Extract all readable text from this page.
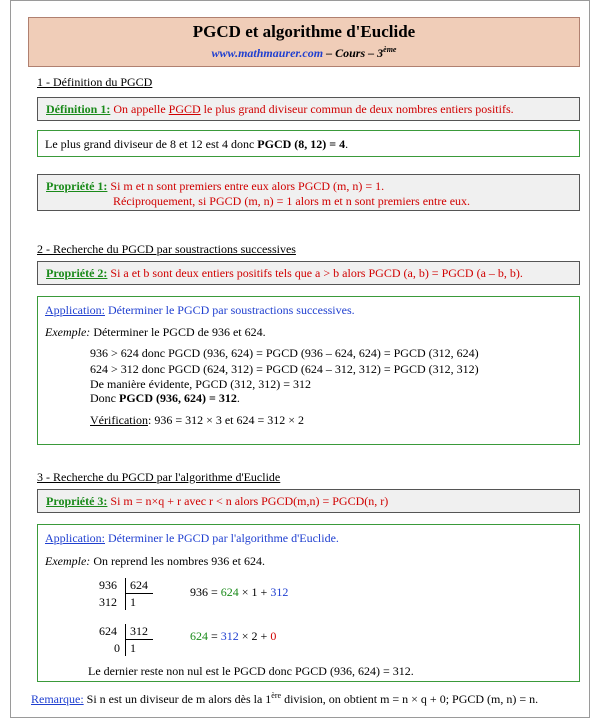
PGCD et algorithme d'Euclide
www.mathmaurer.com – Cours – 3ème
1 - Définition du PGCD
Définition 1: On appelle PGCD le plus grand diviseur commun de deux nombres entiers positifs.
Le plus grand diviseur de 8 et 12 est 4 donc PGCD (8, 12) = 4.
Propriété 1: Si m et n sont premiers entre eux alors PGCD (m, n) = 1.
Réciproquement, si PGCD (m, n) = 1 alors m et n sont premiers entre eux.
2 - Recherche du PGCD par soustractions successives
Propriété 2: Si a et b sont deux entiers positifs tels que a > b alors PGCD (a, b) = PGCD (a – b, b).
Application: Déterminer le PGCD par soustractions successives.
Exemple: Déterminer le PGCD de 936 et 624.
936 > 624 donc PGCD (936, 624) = PGCD (936 – 624, 624) = PGCD (312, 624)
624 > 312 donc PGCD (624, 312) = PGCD (624 – 312, 312) = PGCD (312, 312)
De manière évidente, PGCD (312, 312) = 312
Donc PGCD (936, 624) = 312.
Vérification: 936 = 312 × 3 et 624 = 312 × 2
3 - Recherche du PGCD par l'algorithme d'Euclide
Propriété 3: Si m = n×q + r avec r < n alors PGCD(m,n) = PGCD(n, r)
Application: Déterminer le PGCD par l'algorithme d'Euclide.
Exemple: On reprend les nombres 936 et 624.
936 624
312 1
936 = 624 × 1 + 312
624 312
0 1
624 = 312 × 2 + 0
Le dernier reste non nul est le PGCD donc PGCD (936, 624) = 312.
Remarque: Si n est un diviseur de m alors dès la 1ère division, on obtient m = n × q + 0; PGCD (m, n) = n.
